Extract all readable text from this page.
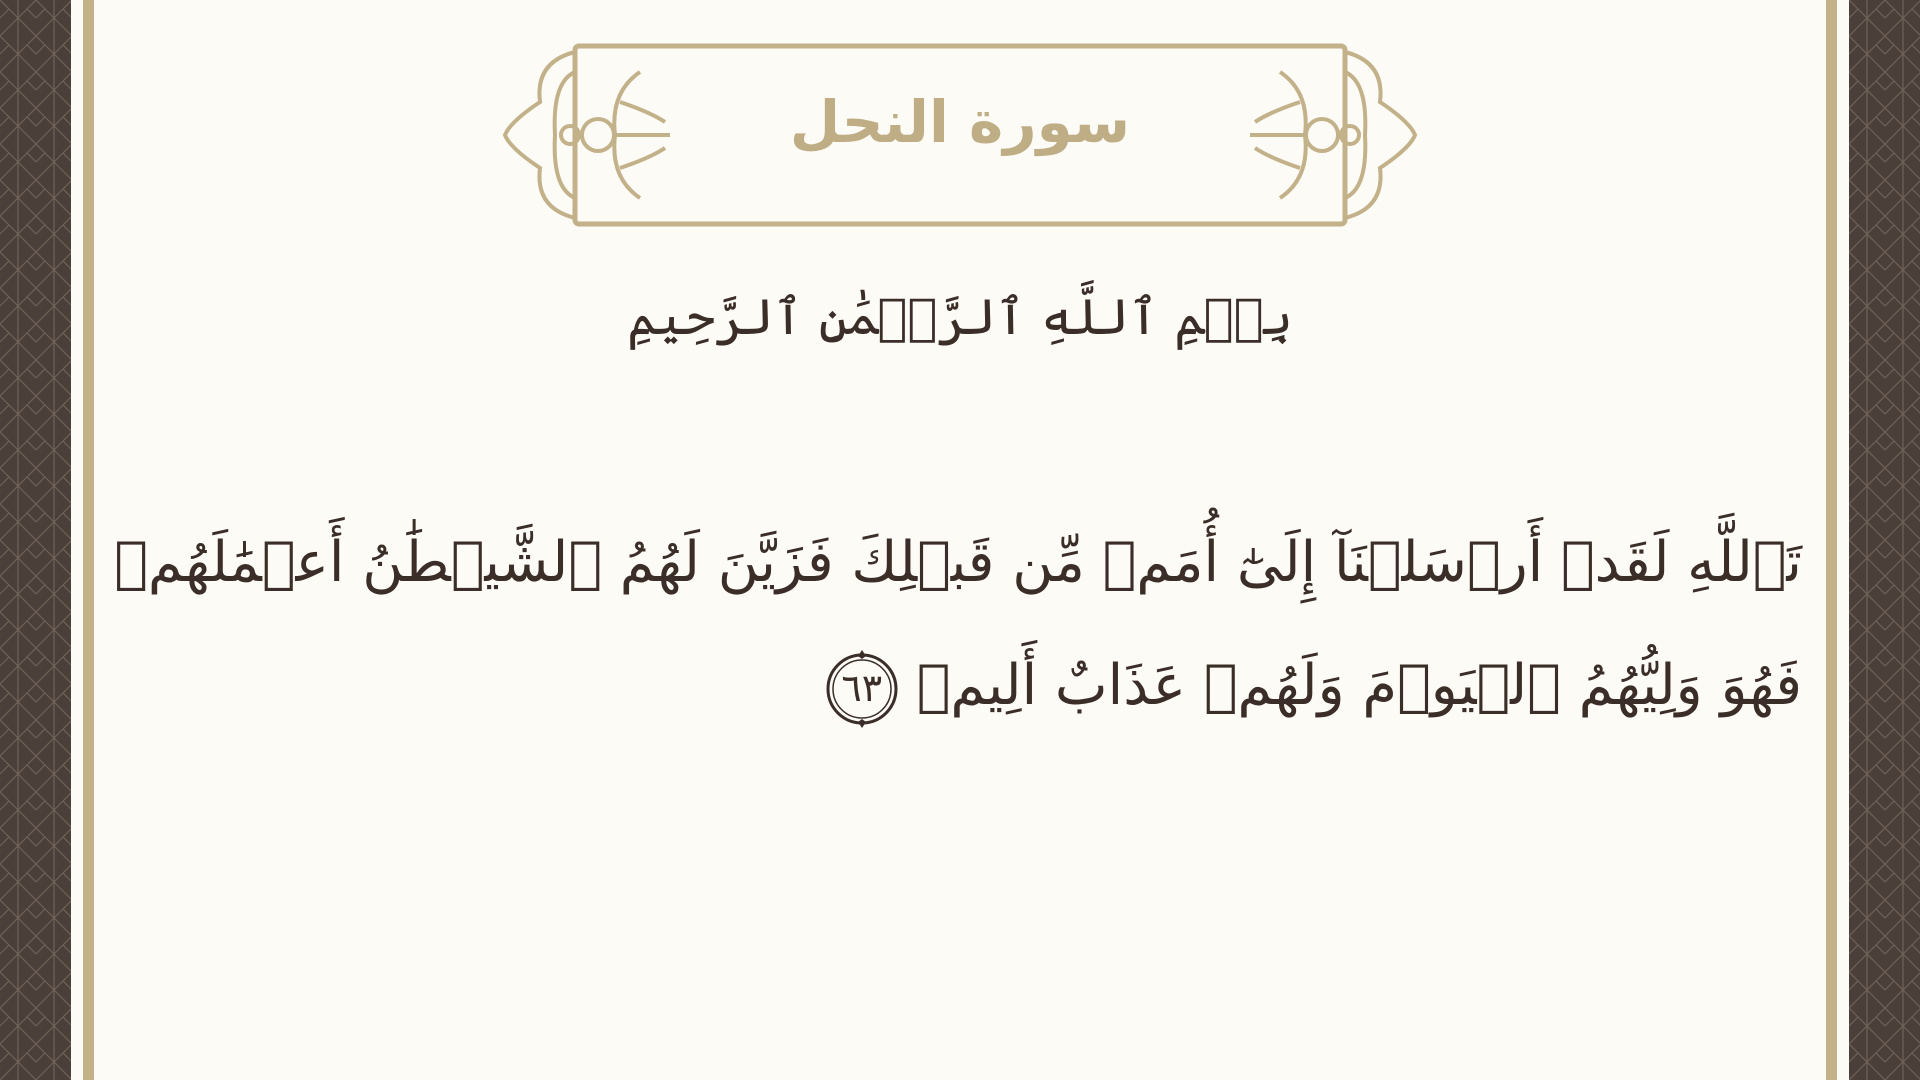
سورة النحل
بِسۡمِ ٱللَّهِ ٱلرَّحۡمَٰنِ ٱلرَّحِيمِ
تَٱللَّهِ لَقَدۡ أَرۡسَلۡنَآ إِلَىٰٓ أُمَمٖ مِّن قَبۡلِكَ فَزَيَّنَ لَهُمُ ٱلشَّيۡطَٰنُ أَعۡمَٰلَهُمۡ
فَهُوَ وَلِيُّهُمُ ٱلۡيَوۡمَ وَلَهُمۡ عَذَابٌ أَلِيمٞ
٦٣
